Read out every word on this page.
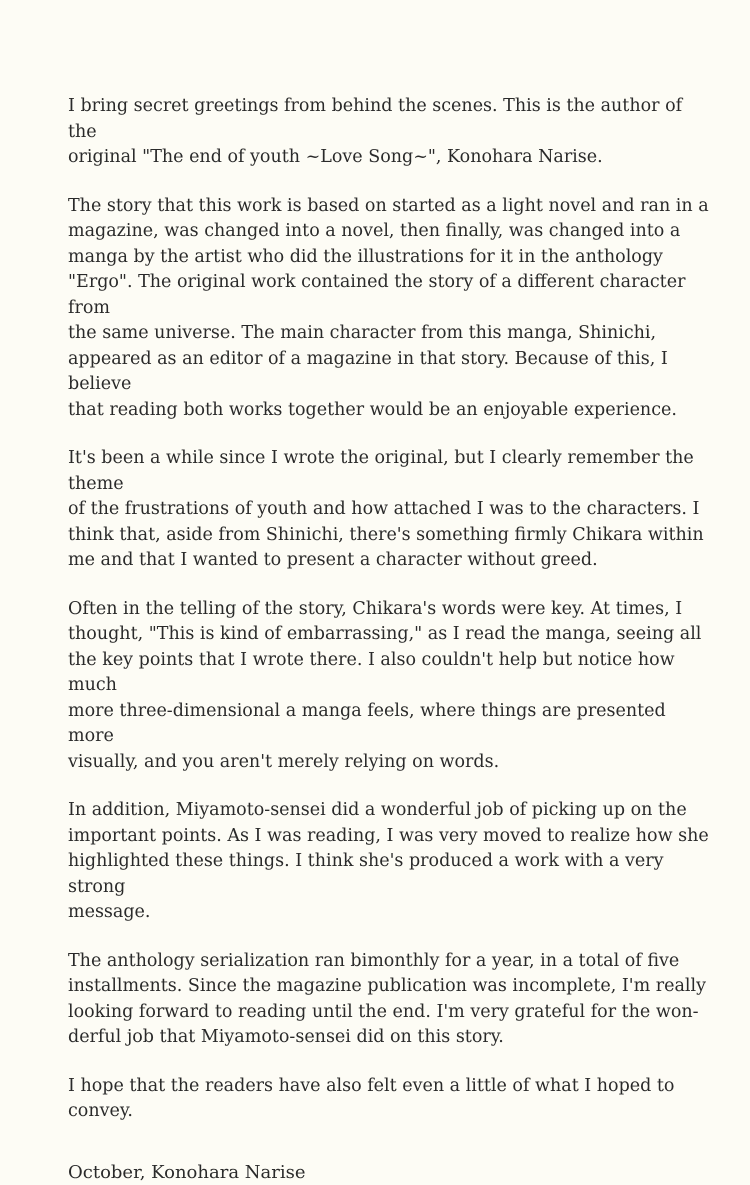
I bring secret greetings from behind the scenes. This is the author of the
original "The end of youth ~Love Song~", Konohara Narise.

The story that this work is based on started as a light novel and ran in a
magazine, was changed into a novel, then finally, was changed into a
manga by the artist who did the illustrations for it in the anthology
"Ergo". The original work contained the story of a different character from
the same universe. The main character from this manga, Shinichi,
appeared as an editor of a magazine in that story. Because of this, I believe
that reading both works together would be an enjoyable experience.

It's been a while since I wrote the original, but I clearly remember the theme
of the frustrations of youth and how attached I was to the characters. I
think that, aside from Shinichi, there's something firmly Chikara within
me and that I wanted to present a character without greed.

Often in the telling of the story, Chikara's words were key. At times, I
thought, "This is kind of embarrassing," as I read the manga, seeing all
the key points that I wrote there. I also couldn't help but notice how much
more three-dimensional a manga feels, where things are presented more
visually, and you aren't merely relying on words.

In addition, Miyamoto-sensei did a wonderful job of picking up on the
important points. As I was reading, I was very moved to realize how she
highlighted these things. I think she's produced a work with a very strong
message.

The anthology serialization ran bimonthly for a year, in a total of five
installments. Since the magazine publication was incomplete, I'm really
looking forward to reading until the end. I'm very grateful for the won-
derful job that Miyamoto-sensei did on this story.

I hope that the readers have also felt even a little of what I hoped to convey.

October, Konohara Narise
